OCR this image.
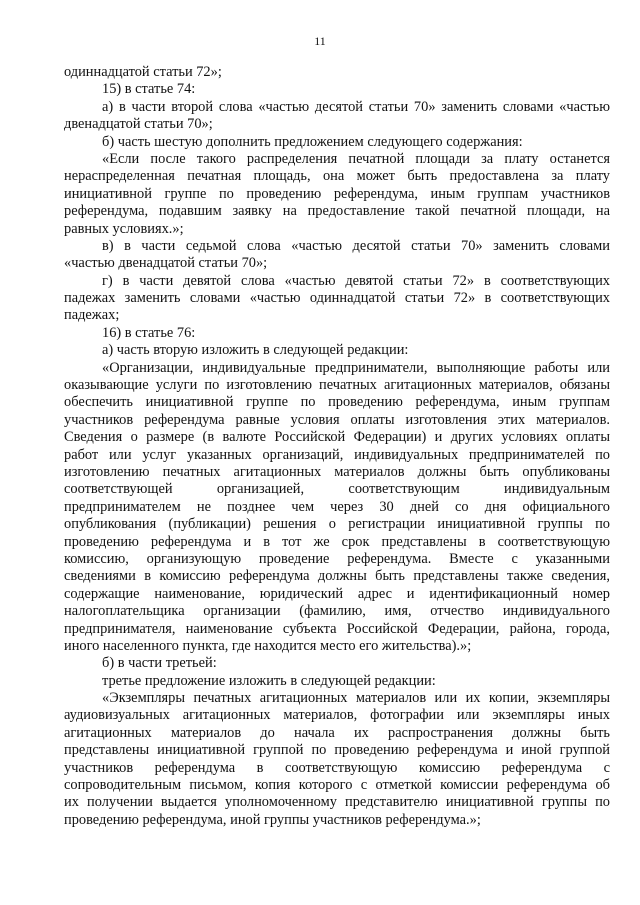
11
одиннадцатой статьи 72»;
15) в статье 74:
а) в части второй слова «частью десятой статьи 70» заменить словами «частью
двенадцатой статьи 70»;
б) часть шестую дополнить предложением следующего содержания:
«Если после такого распределения печатной площади за плату останется
нераспределенная печатная площадь, она может быть предоставлена за плату
инициативной группе по проведению референдума, иным группам участников
референдума, подавшим заявку на предоставление такой печатной площади, на
равных условиях.»;
в) в части седьмой слова «частью десятой статьи 70» заменить словами
«частью двенадцатой статьи 70»;
г) в части девятой слова «частью девятой статьи 72» в соответствующих
падежах заменить словами «частью одиннадцатой статьи 72» в соответствующих
падежах;
16) в статье 76:
а) часть вторую изложить в следующей редакции:
«Организации, индивидуальные предприниматели, выполняющие работы или
оказывающие услуги по изготовлению печатных агитационных материалов, обязаны
обеспечить инициативной группе по проведению референдума, иным группам
участников референдума равные условия оплаты изготовления этих материалов.
Сведения о размере (в валюте Российской Федерации) и других условиях оплаты
работ или услуг указанных организаций, индивидуальных предпринимателей по
изготовлению печатных агитационных материалов должны быть опубликованы
соответствующей организацией, соответствующим индивидуальным
предпринимателем не позднее чем через 30 дней со дня официального
опубликования (публикации) решения о регистрации инициативной группы по
проведению референдума и в тот же срок представлены в соответствующую
комиссию, организующую проведение референдума. Вместе с указанными
сведениями в комиссию референдума должны быть представлены также сведения,
содержащие наименование, юридический адрес и идентификационный номер
налогоплательщика организации (фамилию, имя, отчество индивидуального
предпринимателя, наименование субъекта Российской Федерации, района, города,
иного населенного пункта, где находится место его жительства).»;
б) в части третьей:
третье предложение изложить в следующей редакции:
«Экземпляры печатных агитационных материалов или их копии, экземпляры
аудиовизуальных агитационных материалов, фотографии или экземпляры иных
агитационных материалов до начала их распространения должны быть
представлены инициативной группой по проведению референдума и иной группой
участников референдума в соответствующую комиссию референдума с
сопроводительным письмом, копия которого с отметкой комиссии референдума об
их получении выдается уполномоченному представителю инициативной группы по
проведению референдума, иной группы участников референдума.»;
